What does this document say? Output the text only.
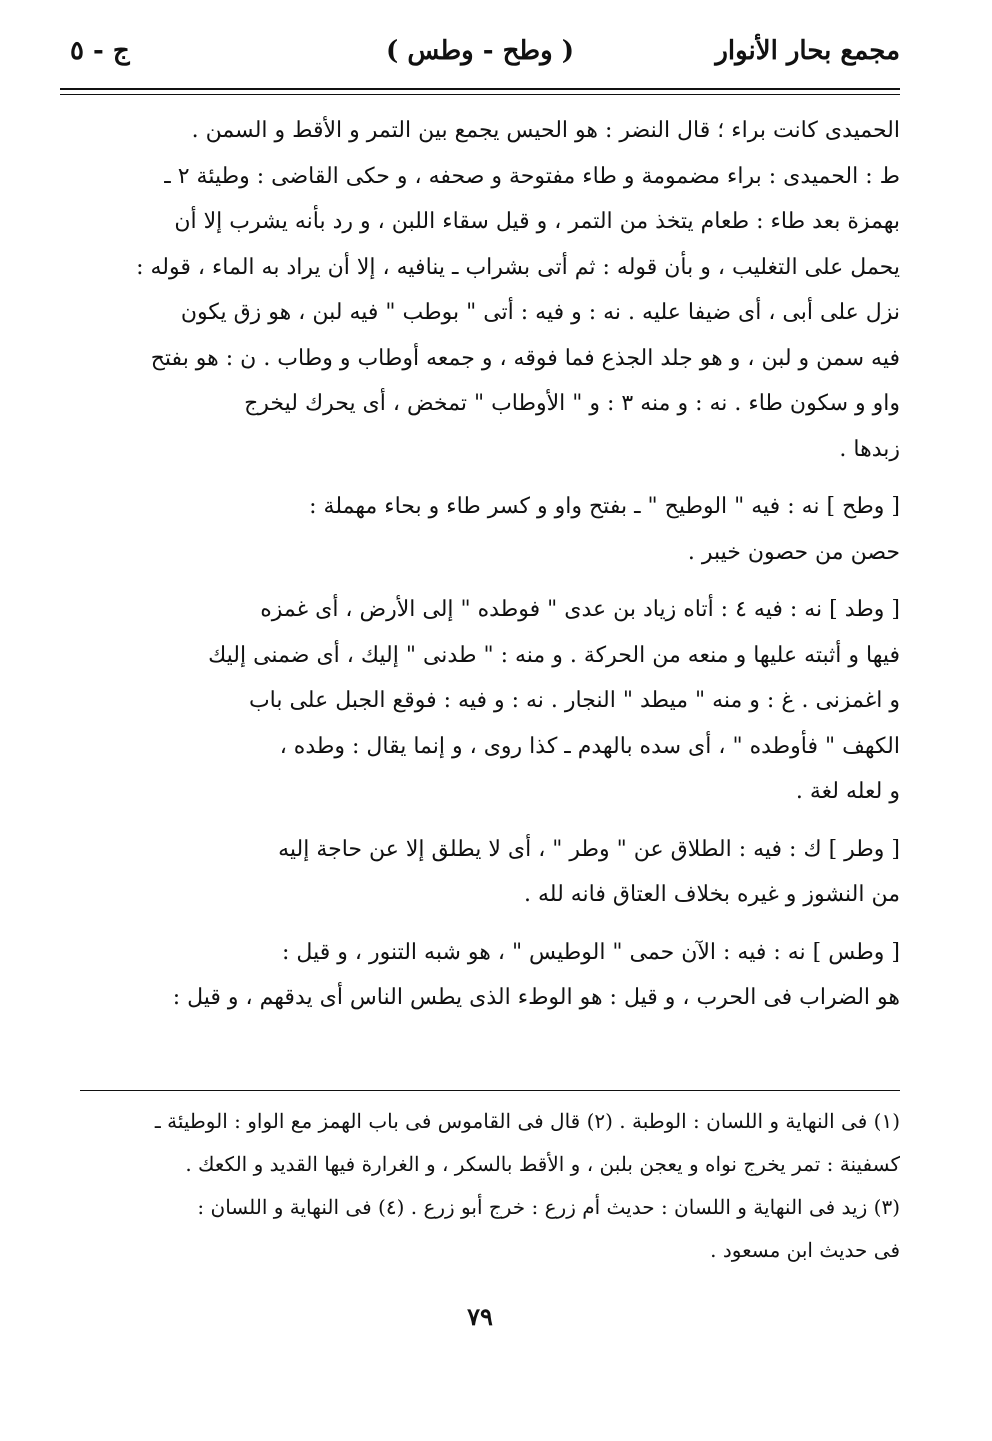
مجمع بحار الأنوار
( وطح - وطس )
ج - ٥
الحميدى كانت براء ؛ قال النضر : هو الحيس يجمع بين التمر و الأقط و السمن .
ط : الحميدى : براء مضمومة و طاء مفتوحة و صحفه ، و حكى القاضى : وطيئة ٢ ـ
بهمزة بعد طاء : طعام يتخذ من التمر ، و قيل سقاء اللبن ، و رد بأنه يشرب إلا أن
يحمل على التغليب ، و بأن قوله : ثم أتى بشراب ـ ينافيه ، إلا أن يراد به الماء ، قوله :
نزل على أبى ، أى ضيفا عليه . نه : و فيه : أتى " بوطب " فيه لبن ، هو زق يكون
فيه سمن و لبن ، و هو جلد الجذع فما فوقه ، و جمعه أوطاب و وطاب . ن : هو بفتح
واو و سكون طاء . نه : و منه ٣ : و " الأوطاب " تمخض ، أى يحرك ليخرج
زبدها .
[ وطح ] نه : فيه " الوطيح " ـ بفتح واو و كسر طاء و بحاء مهملة :
حصن من حصون خيبر .
[ وطد ] نه : فيه ٤ : أتاه زياد بن عدى " فوطده " إلى الأرض ، أى غمزه
فيها و أثبته عليها و منعه من الحركة . و منه : " طدنى " إليك ، أى ضمنى إليك
و اغمزنى . غ : و منه " ميطد " النجار . نه : و فيه : فوقع الجبل على باب
الكهف " فأوطده " ، أى سده بالهدم ـ كذا روى ، و إنما يقال : وطده ،
و لعله لغة .
[ وطر ] ك : فيه : الطلاق عن " وطر " ، أى لا يطلق إلا عن حاجة إليه
من النشوز و غيره بخلاف العتاق فانه لله .
[ وطس ] نه : فيه : الآن حمى " الوطيس " ، هو شبه التنور ، و قيل :
هو الضراب فى الحرب ، و قيل : هو الوطء الذى يطس الناس أى يدقهم ، و قيل :
(١) فى النهاية و اللسان : الوطبة . (٢) قال فى القاموس فى باب الهمز مع الواو : الوطيئة ـ
كسفينة : تمر يخرج نواه و يعجن بلبن ، و الأقط بالسكر ، و الغرارة فيها القديد و الكعك .
(٣) زيد فى النهاية و اللسان : حديث أم زرع : خرج أبو زرع . (٤) فى النهاية و اللسان :
فى حديث ابن مسعود .
٧٩
